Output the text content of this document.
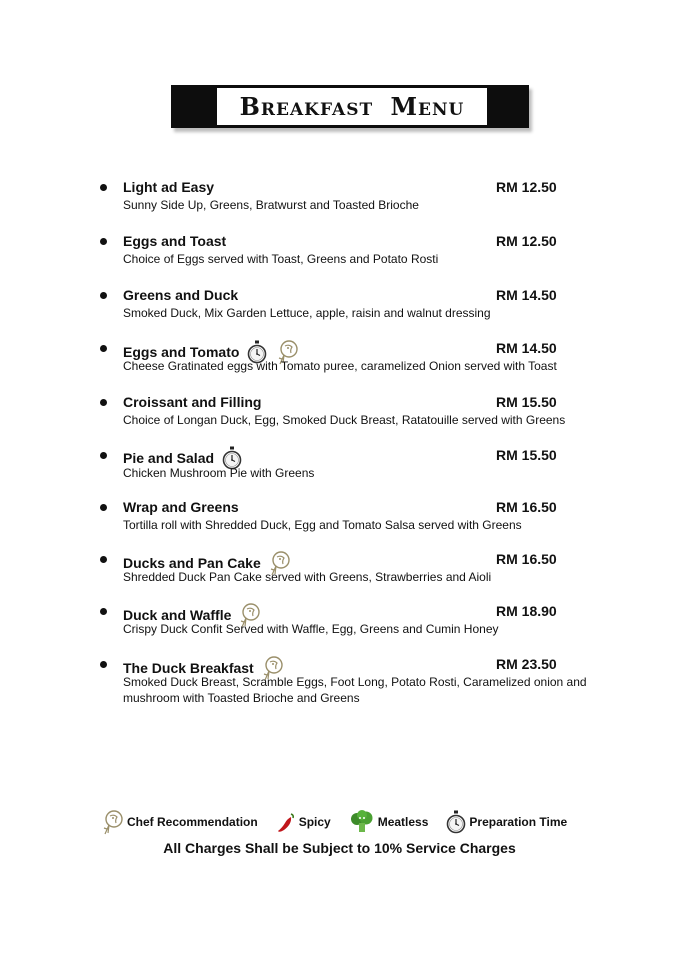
Breakfast Menu
Light ad Easy	RM 12.50
Sunny Side Up, Greens, Bratwurst and Toasted Brioche
Eggs and Toast	RM 12.50
Choice of Eggs served with Toast, Greens and Potato Rosti
Greens and Duck	RM 14.50
Smoked Duck, Mix Garden Lettuce, apple, raisin and walnut dressing
Eggs and Tomato	RM 14.50
Cheese Gratinated eggs with Tomato puree, caramelized Onion served with Toast
Croissant and Filling	RM 15.50
Choice of Longan Duck, Egg, Smoked Duck Breast, Ratatouille served with Greens
Pie and Salad	RM 15.50
Chicken Mushroom Pie with Greens
Wrap and Greens	RM 16.50
Tortilla roll with Shredded Duck, Egg and Tomato Salsa served with Greens
Ducks and Pan Cake	RM 16.50
Shredded Duck Pan Cake served with Greens, Strawberries and Aioli
Duck and Waffle	RM 18.90
Crispy Duck Confit Served with Waffle, Egg, Greens and Cumin Honey
The Duck Breakfast	RM 23.50
Smoked Duck Breast, Scramble Eggs, Foot Long, Potato Rosti, Caramelized onion and mushroom with Toasted Brioche and Greens
Chef Recommendation	Spicy	Meatless	Preparation Time
All Charges Shall be Subject to 10% Service Charges
